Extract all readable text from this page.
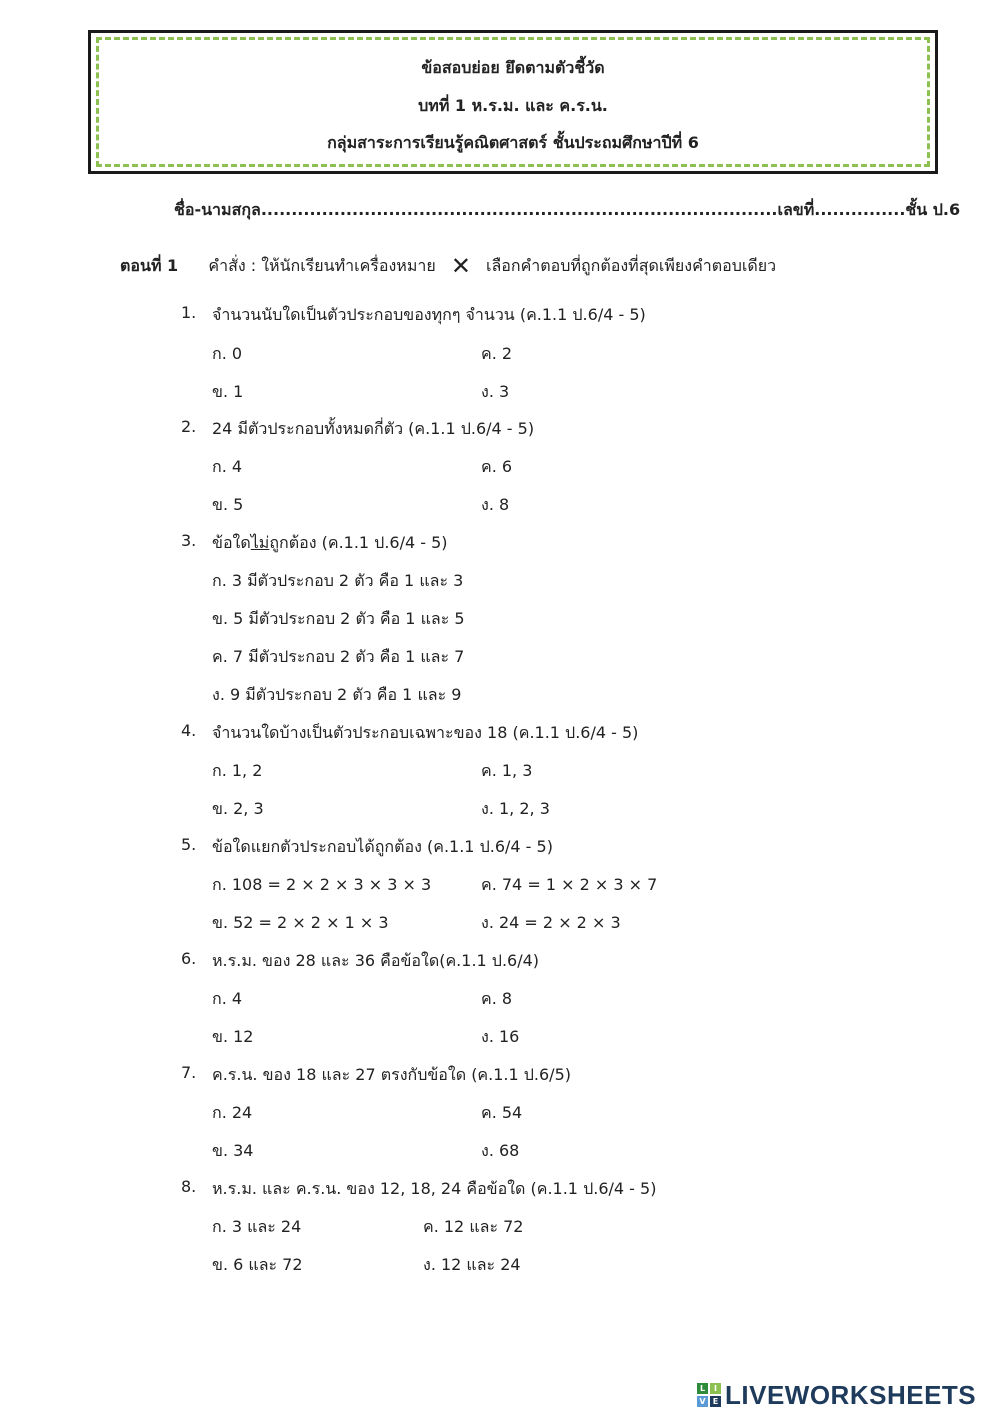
ข้อสอบย่อย ยึดตามตัวชี้วัด
บทที่ 1 ห.ร.ม. และ ค.ร.น.
กลุ่มสาระการเรียนรู้คณิตศาสตร์ ชั้นประถมศึกษาปีที่ 6
ชื่อ-นามสกุล.....................................................................................เลขที่...............ชั้น ป.6
ตอนที่ 1 คำสั่ง : ให้นักเรียนทำเครื่องหมาย ✕ เลือกคำตอบที่ถูกต้องที่สุดเพียงคำตอบเดียว
1. จำนวนนับใดเป็นตัวประกอบของทุกๆ จำนวน (ค.1.1 ป.6/4 - 5)
ก. 0	ค. 2
ข. 1	ง. 3
2. 24 มีตัวประกอบทั้งหมดกี่ตัว (ค.1.1 ป.6/4 - 5)
ก. 4	ค. 6
ข. 5	ง. 8
3. ข้อใดไม่ถูกต้อง (ค.1.1 ป.6/4 - 5)
ก. 3 มีตัวประกอบ 2 ตัว คือ 1 และ 3
ข. 5 มีตัวประกอบ 2 ตัว คือ 1 และ 5
ค. 7 มีตัวประกอบ 2 ตัว คือ 1 และ 7
ง. 9 มีตัวประกอบ 2 ตัว คือ 1 และ 9
4. จำนวนใดบ้างเป็นตัวประกอบเฉพาะของ 18 (ค.1.1 ป.6/4 - 5)
ก. 1, 2	ค. 1, 3
ข. 2, 3	ง. 1, 2, 3
5. ข้อใดแยกตัวประกอบได้ถูกต้อง (ค.1.1 ป.6/4 - 5)
ก. 108 = 2 × 2 × 3 × 3 × 3	ค. 74 = 1 × 2 × 3 × 7
ข. 52 = 2 × 2 × 1 × 3	ง. 24 = 2 × 2 × 3
6. ห.ร.ม. ของ 28 และ 36 คือข้อใด(ค.1.1 ป.6/4)
ก. 4	ค. 8
ข. 12	ง. 16
7. ค.ร.น. ของ 18 และ 27 ตรงกับข้อใด (ค.1.1 ป.6/5)
ก. 24	ค. 54
ข. 34	ง. 68
8. ห.ร.ม. และ ค.ร.น. ของ 12, 18, 24 คือข้อใด (ค.1.1 ป.6/4 - 5)
ก. 3 และ 24	ค. 12 และ 72
ข. 6 และ 72	ง. 12 และ 24
L	I
V E LIVEWORKSHEETS
